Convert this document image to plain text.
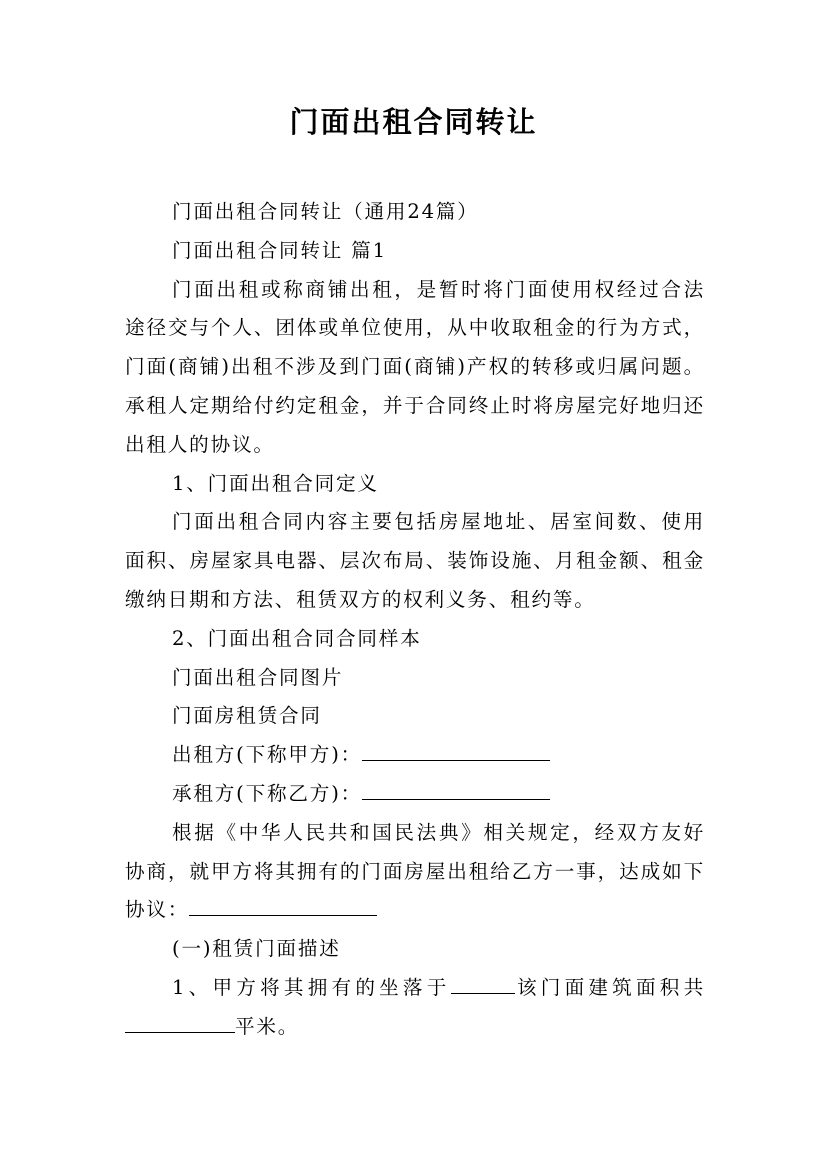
门面出租合同转让

门面出租合同转让（通用24篇）

门面出租合同转让 篇1

门面出租或称商铺出租，是暂时将门面使用权经过合法途径交与个人、团体或单位使用，从中收取租金的行为方式，门面(商铺)出租不涉及到门面(商铺)产权的转移或归属问题。承租人定期给付约定租金，并于合同终止时将房屋完好地归还出租人的协议。

1、门面出租合同定义

门面出租合同内容主要包括房屋地址、居室间数、使用面积、房屋家具电器、层次布局、装饰设施、月租金额、租金缴纳日期和方法、租赁双方的权利义务、租约等。

2、门面出租合同合同样本

门面出租合同图片

门面房租赁合同

出租方(下称甲方)：

承租方(下称乙方)：

根据《中华人民共和国民法典》相关规定，经双方友好协商，就甲方将其拥有的门面房屋出租给乙方一事，达成如下协议：

(一)租赁门面描述

1、甲方将其拥有的坐落于	该门面建筑面积共平米。
